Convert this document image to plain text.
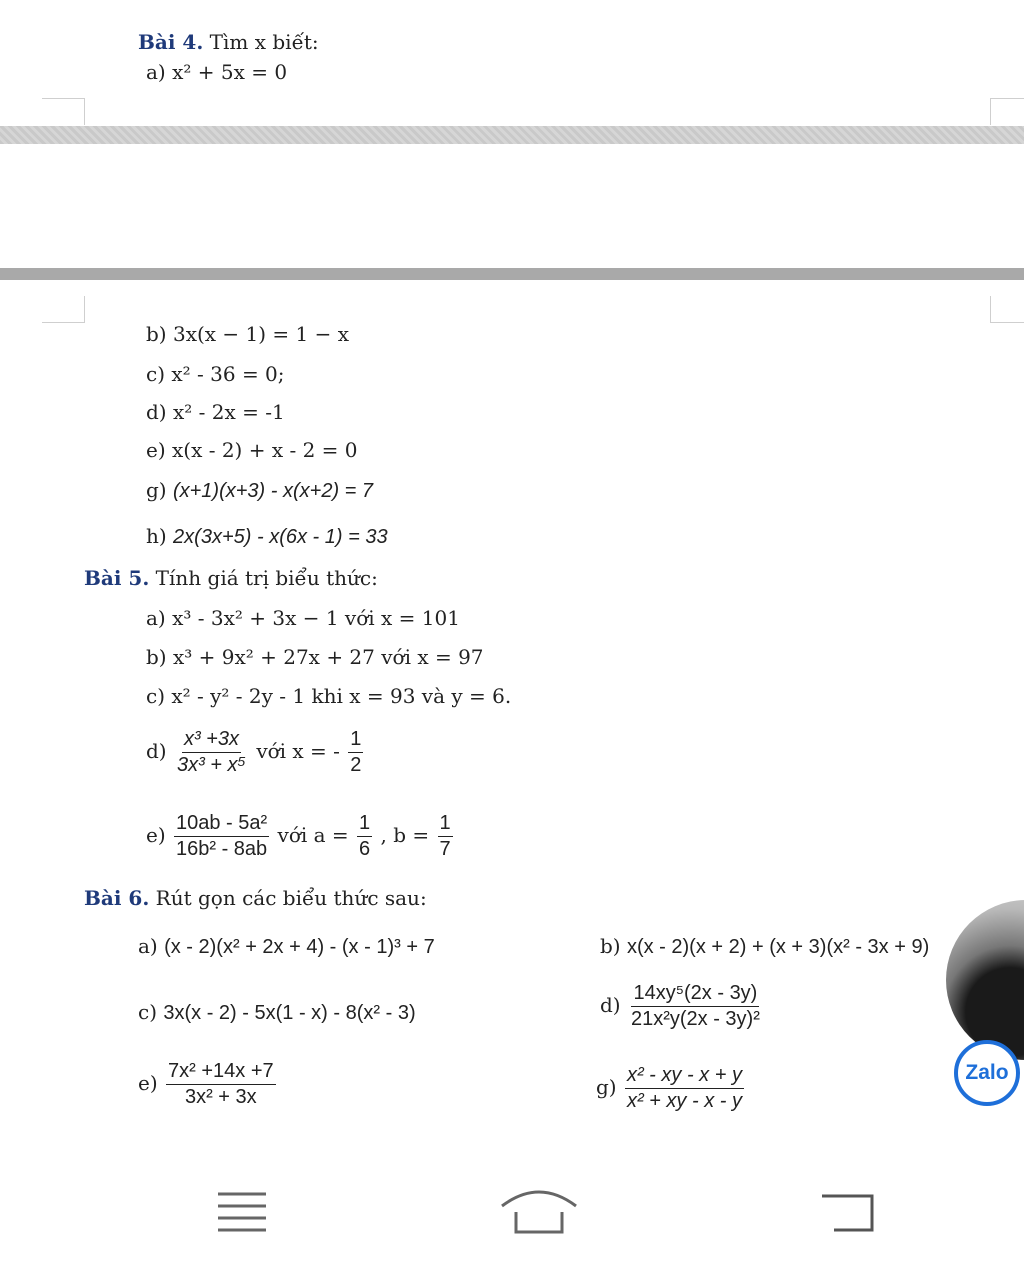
Bài 4. Tìm x biết:
a) x² + 5x = 0
b) 3x(x − 1) = 1 − x
c) x² - 36 = 0;
d) x² - 2x = -1
e) x(x - 2) + x - 2 = 0
g) (x+1)(x+3) - x(x+2) = 7
h) 2x(3x+5) - x(6x - 1) = 33
Bài 5. Tính giá trị biểu thức:
a) x³ - 3x² + 3x − 1 với x = 101
b) x³ + 9x² + 27x + 27 với x = 97
c) x² - y² - 2y - 1 khi x = 93 và y = 6.
$d) \frac{\text{x³ +3x}}{\text{3x³ + x⁵}}$ với x = - $\frac{1}{2}$
$e) \frac{\text{10ab - 5a²}}{\text{16b² - 8ab}}$ với $a = \frac{1}{6}$ , $b = \frac{1}{7}$
Bài 6. Rút gọn các biểu thức sau:
a) (x - 2)(x² + 2x + 4) - (x - 1)³ + 7	b) x(x - 2)(x + 2) + (x + 3)(x² - 3x + 9)
c) 3x(x - 2) - 5x(1 - x) - 8(x² - 3)	$d) \frac{\text{14xy⁵(2x - 3y)}}{\text{21x²y(2x - 3y)²}}$
$e) \frac{\text{7x² +14x +7}}{\text{3x² + 3x}}$	$g) \frac{\text{x² - xy - x + y}}{\text{x² + xy - x - y}}$	Zalo
